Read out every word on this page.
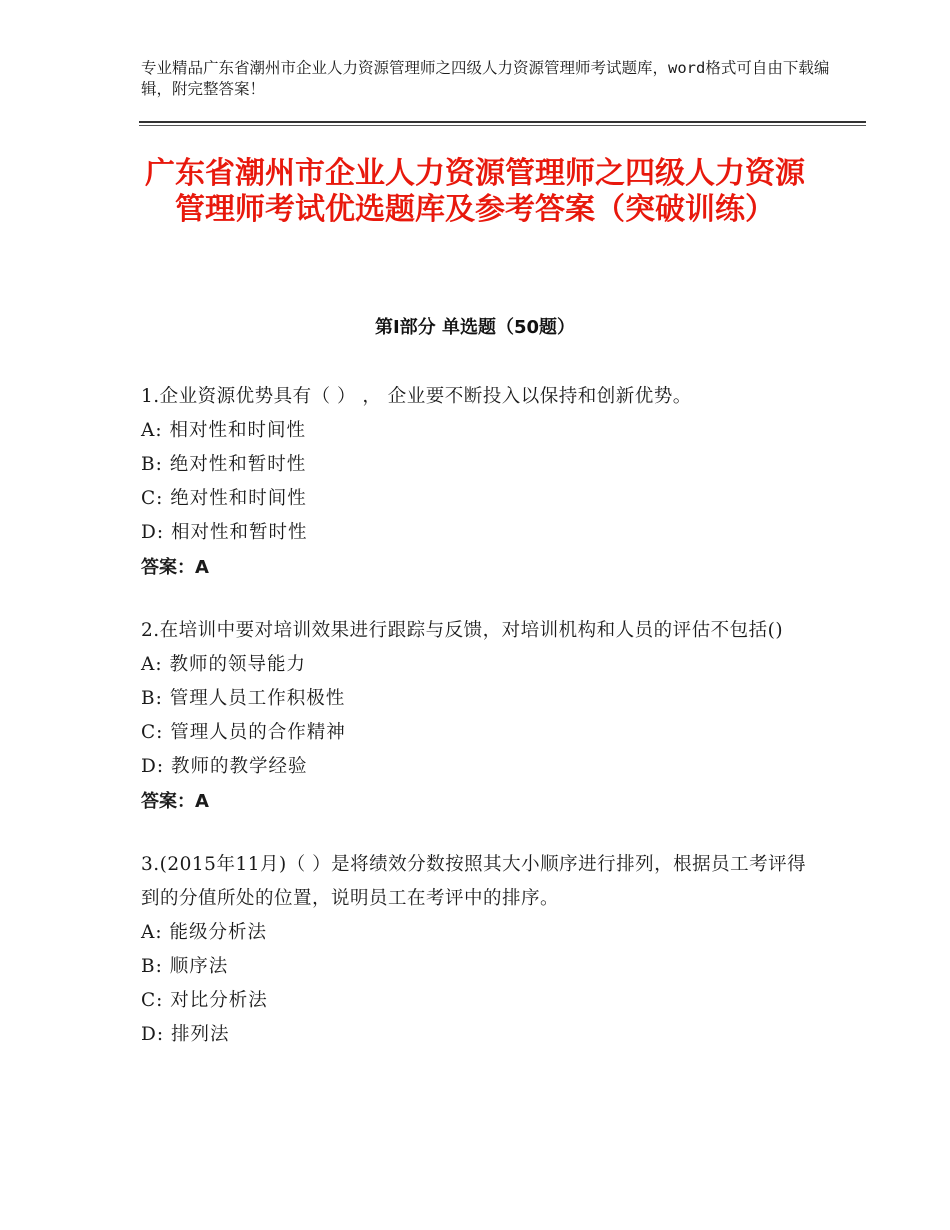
专业精品广东省潮州市企业人力资源管理师之四级人力资源管理师考试题库，word格式可自由下载编辑，附完整答案！
广东省潮州市企业人力资源管理师之四级人力资源管理师考试优选题库及参考答案（突破训练）
第Ⅰ部分 单选题（50题）

1.企业资源优势具有（ ） ， 企业要不断投入以保持和创新优势。

A: 相对性和时间性

B: 绝对性和暂时性

C: 绝对性和时间性

D: 相对性和暂时性

答案：A

2.在培训中要对培训效果进行跟踪与反馈，对培训机构和人员的评估不包括()

A: 教师的领导能力

B: 管理人员工作积极性

C: 管理人员的合作精神

D: 教师的教学经验

答案：A

3.(2015年11月)（ ）是将绩效分数按照其大小顺序进行排列，根据员工考评得到的分值所处的位置，说明员工在考评中的排序。

A: 能级分析法

B: 顺序法

C: 对比分析法

D: 排列法
